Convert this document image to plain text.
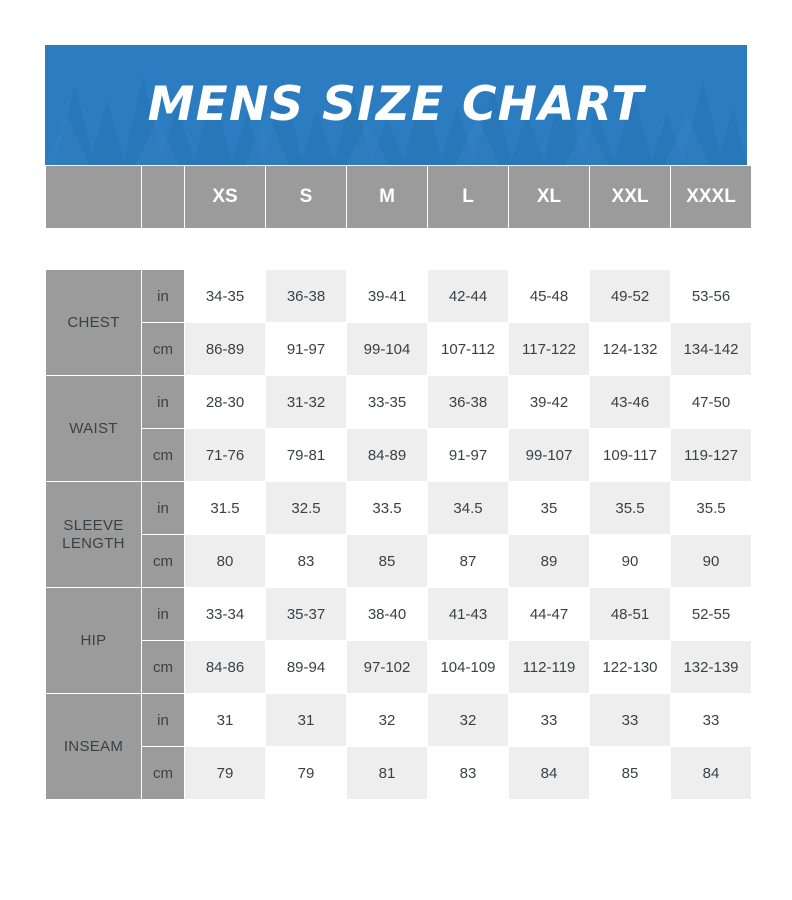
MENS SIZE CHART
		XS	S	M	L	XL	XXL	XXXL

CHEST	in	34-35	36-38	39-41	42-44	45-48	49-52	53-56
	cm	86-89	91-97	99-104	107-112	117-122	124-132	134-142
WAIST	in	28-30	31-32	33-35	36-38	39-42	43-46	47-50
	cm	71-76	79-81	84-89	91-97	99-107	109-117	119-127
SLEEVE LENGTH	in	31.5	32.5	33.5	34.5	35	35.5	35.5
	cm	80	83	85	87	89	90	90
HIP	in	33-34	35-37	38-40	41-43	44-47	48-51	52-55
	cm	84-86	89-94	97-102	104-109	112-119	122-130	132-139
INSEAM	in	31	31	32	32	33	33	33
	cm	79	79	81	83	84	85	84
